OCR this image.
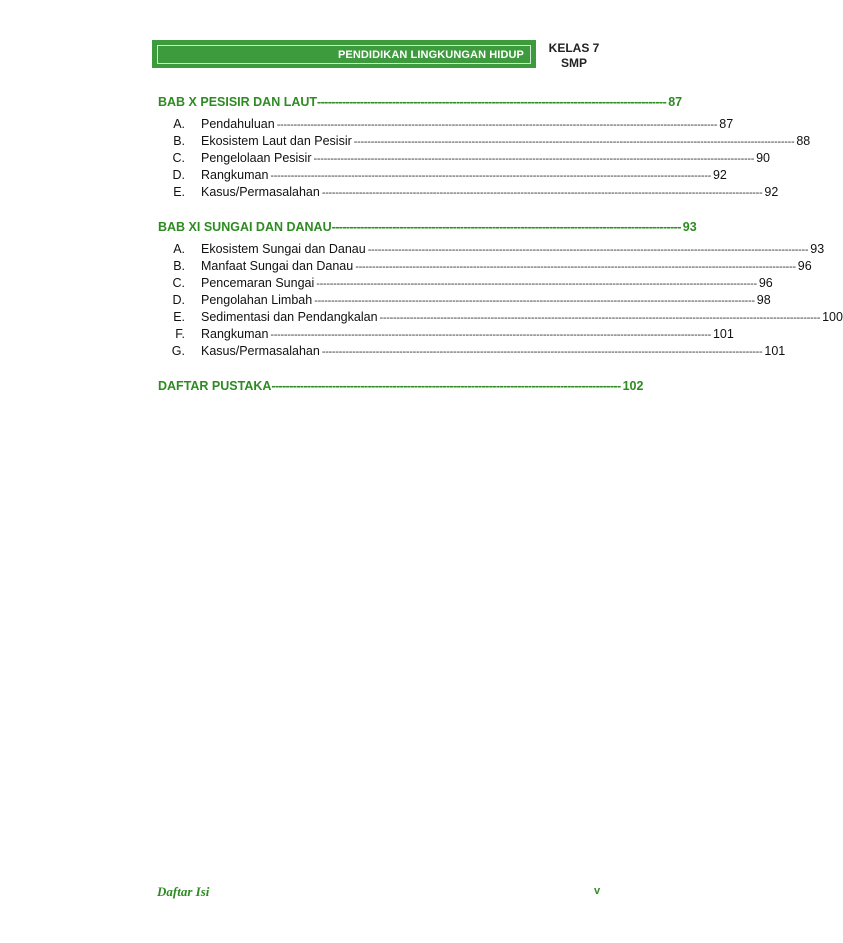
PENDIDIKAN LINGKUNGAN HIDUP	KELAS 7
SMP
BAB X PESISIR DAN LAUT -------------------------------------------------------------------------------------------------- 87
A.	Pendahuluan ----------------------------------------------------------------------------------------------------------------------------------- 87
B.	Ekosistem Laut dan Pesisir ----------------------------------------------------------------------------------------------------------------------------------- 88
C.	Pengelolaan Pesisir ----------------------------------------------------------------------------------------------------------------------------------- 90
D.	Rangkuman ----------------------------------------------------------------------------------------------------------------------------------- 92
E.	Kasus/Permasalahan ----------------------------------------------------------------------------------------------------------------------------------- 92
BAB XI SUNGAI DAN DANAU -------------------------------------------------------------------------------------------------- 93
A.	Ekosistem Sungai dan Danau ----------------------------------------------------------------------------------------------------------------------------------- 93
B.	Manfaat Sungai dan Danau ----------------------------------------------------------------------------------------------------------------------------------- 96
C.	Pencemaran Sungai ----------------------------------------------------------------------------------------------------------------------------------- 96
D.	Pengolahan Limbah ----------------------------------------------------------------------------------------------------------------------------------- 98
E.	Sedimentasi dan Pendangkalan ----------------------------------------------------------------------------------------------------------------------------------- 100
F.	Rangkuman ----------------------------------------------------------------------------------------------------------------------------------- 101
G.	Kasus/Permasalahan ----------------------------------------------------------------------------------------------------------------------------------- 101
DAFTAR PUSTAKA -------------------------------------------------------------------------------------------------- 102
Daftar Isi	v
